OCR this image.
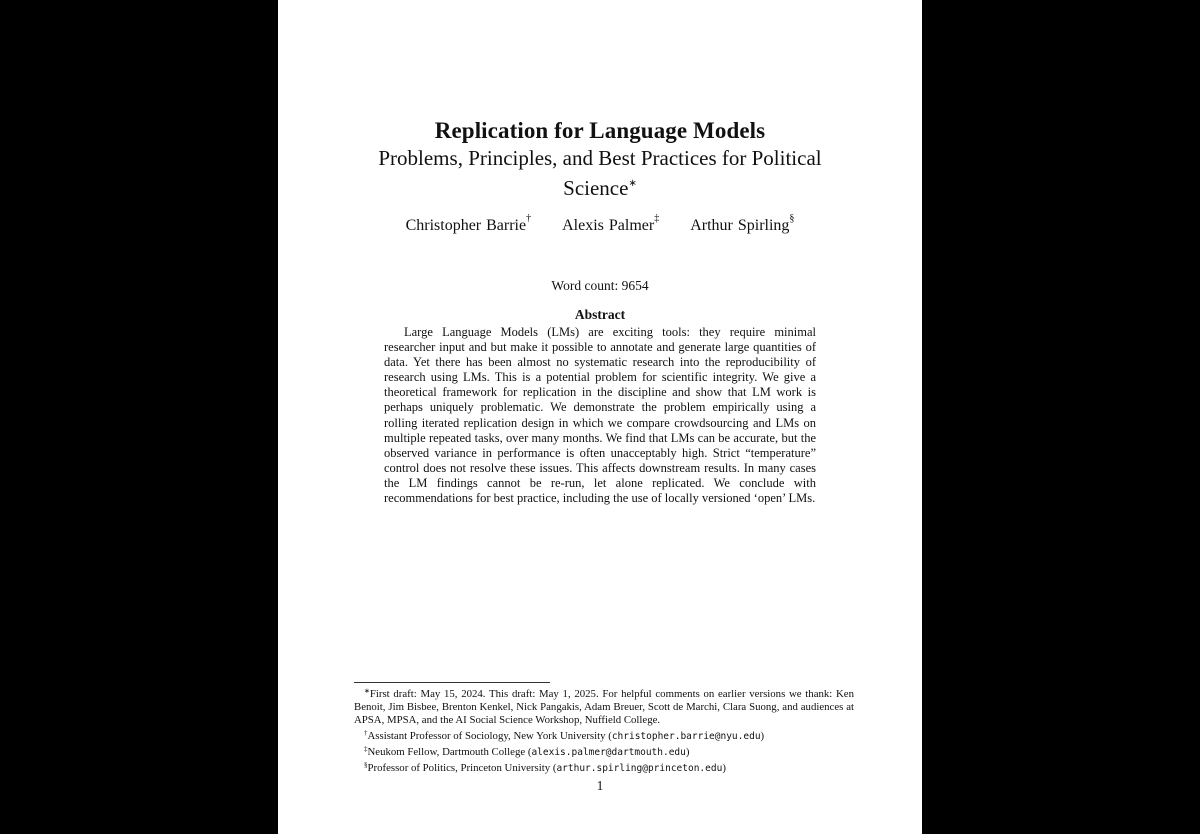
Replication for Language Models
Problems, Principles, and Best Practices for Political Science∗
Christopher Barrie† Alexis Palmer‡ Arthur Spirling§
Word count: 9654
Abstract

Large Language Models (LMs) are exciting tools: they require minimal researcher input and but make it possible to annotate and generate large quantities of data. Yet there has been almost no systematic research into the reproducibility of research using LMs. This is a potential problem for scientific integrity. We give a theoretical framework for replication in the discipline and show that LM work is perhaps uniquely problematic. We demonstrate the problem empirically using a rolling iterated replication design in which we compare crowdsourcing and LMs on multiple repeated tasks, over many months. We find that LMs can be accurate, but the observed variance in performance is often unacceptably high. Strict “temperature” control does not resolve these issues. This affects downstream results. In many cases the LM findings cannot be re-run, let alone replicated. We conclude with recommendations for best practice, including the use of locally versioned ‘open’ LMs.

∗First draft: May 15, 2024. This draft: May 1, 2025. For helpful comments on earlier versions we thank: Ken Benoit, Jim Bisbee, Brenton Kenkel, Nick Pangakis, Adam Breuer, Scott de Marchi, Clara Suong, and audiences at APSA, MPSA, and the AI Social Science Workshop, Nuffield College.

†Assistant Professor of Sociology, New York University (christopher.barrie@nyu.edu)

‡Neukom Fellow, Dartmouth College (alexis.palmer@dartmouth.edu)

§Professor of Politics, Princeton University (arthur.spirling@princeton.edu)

1
